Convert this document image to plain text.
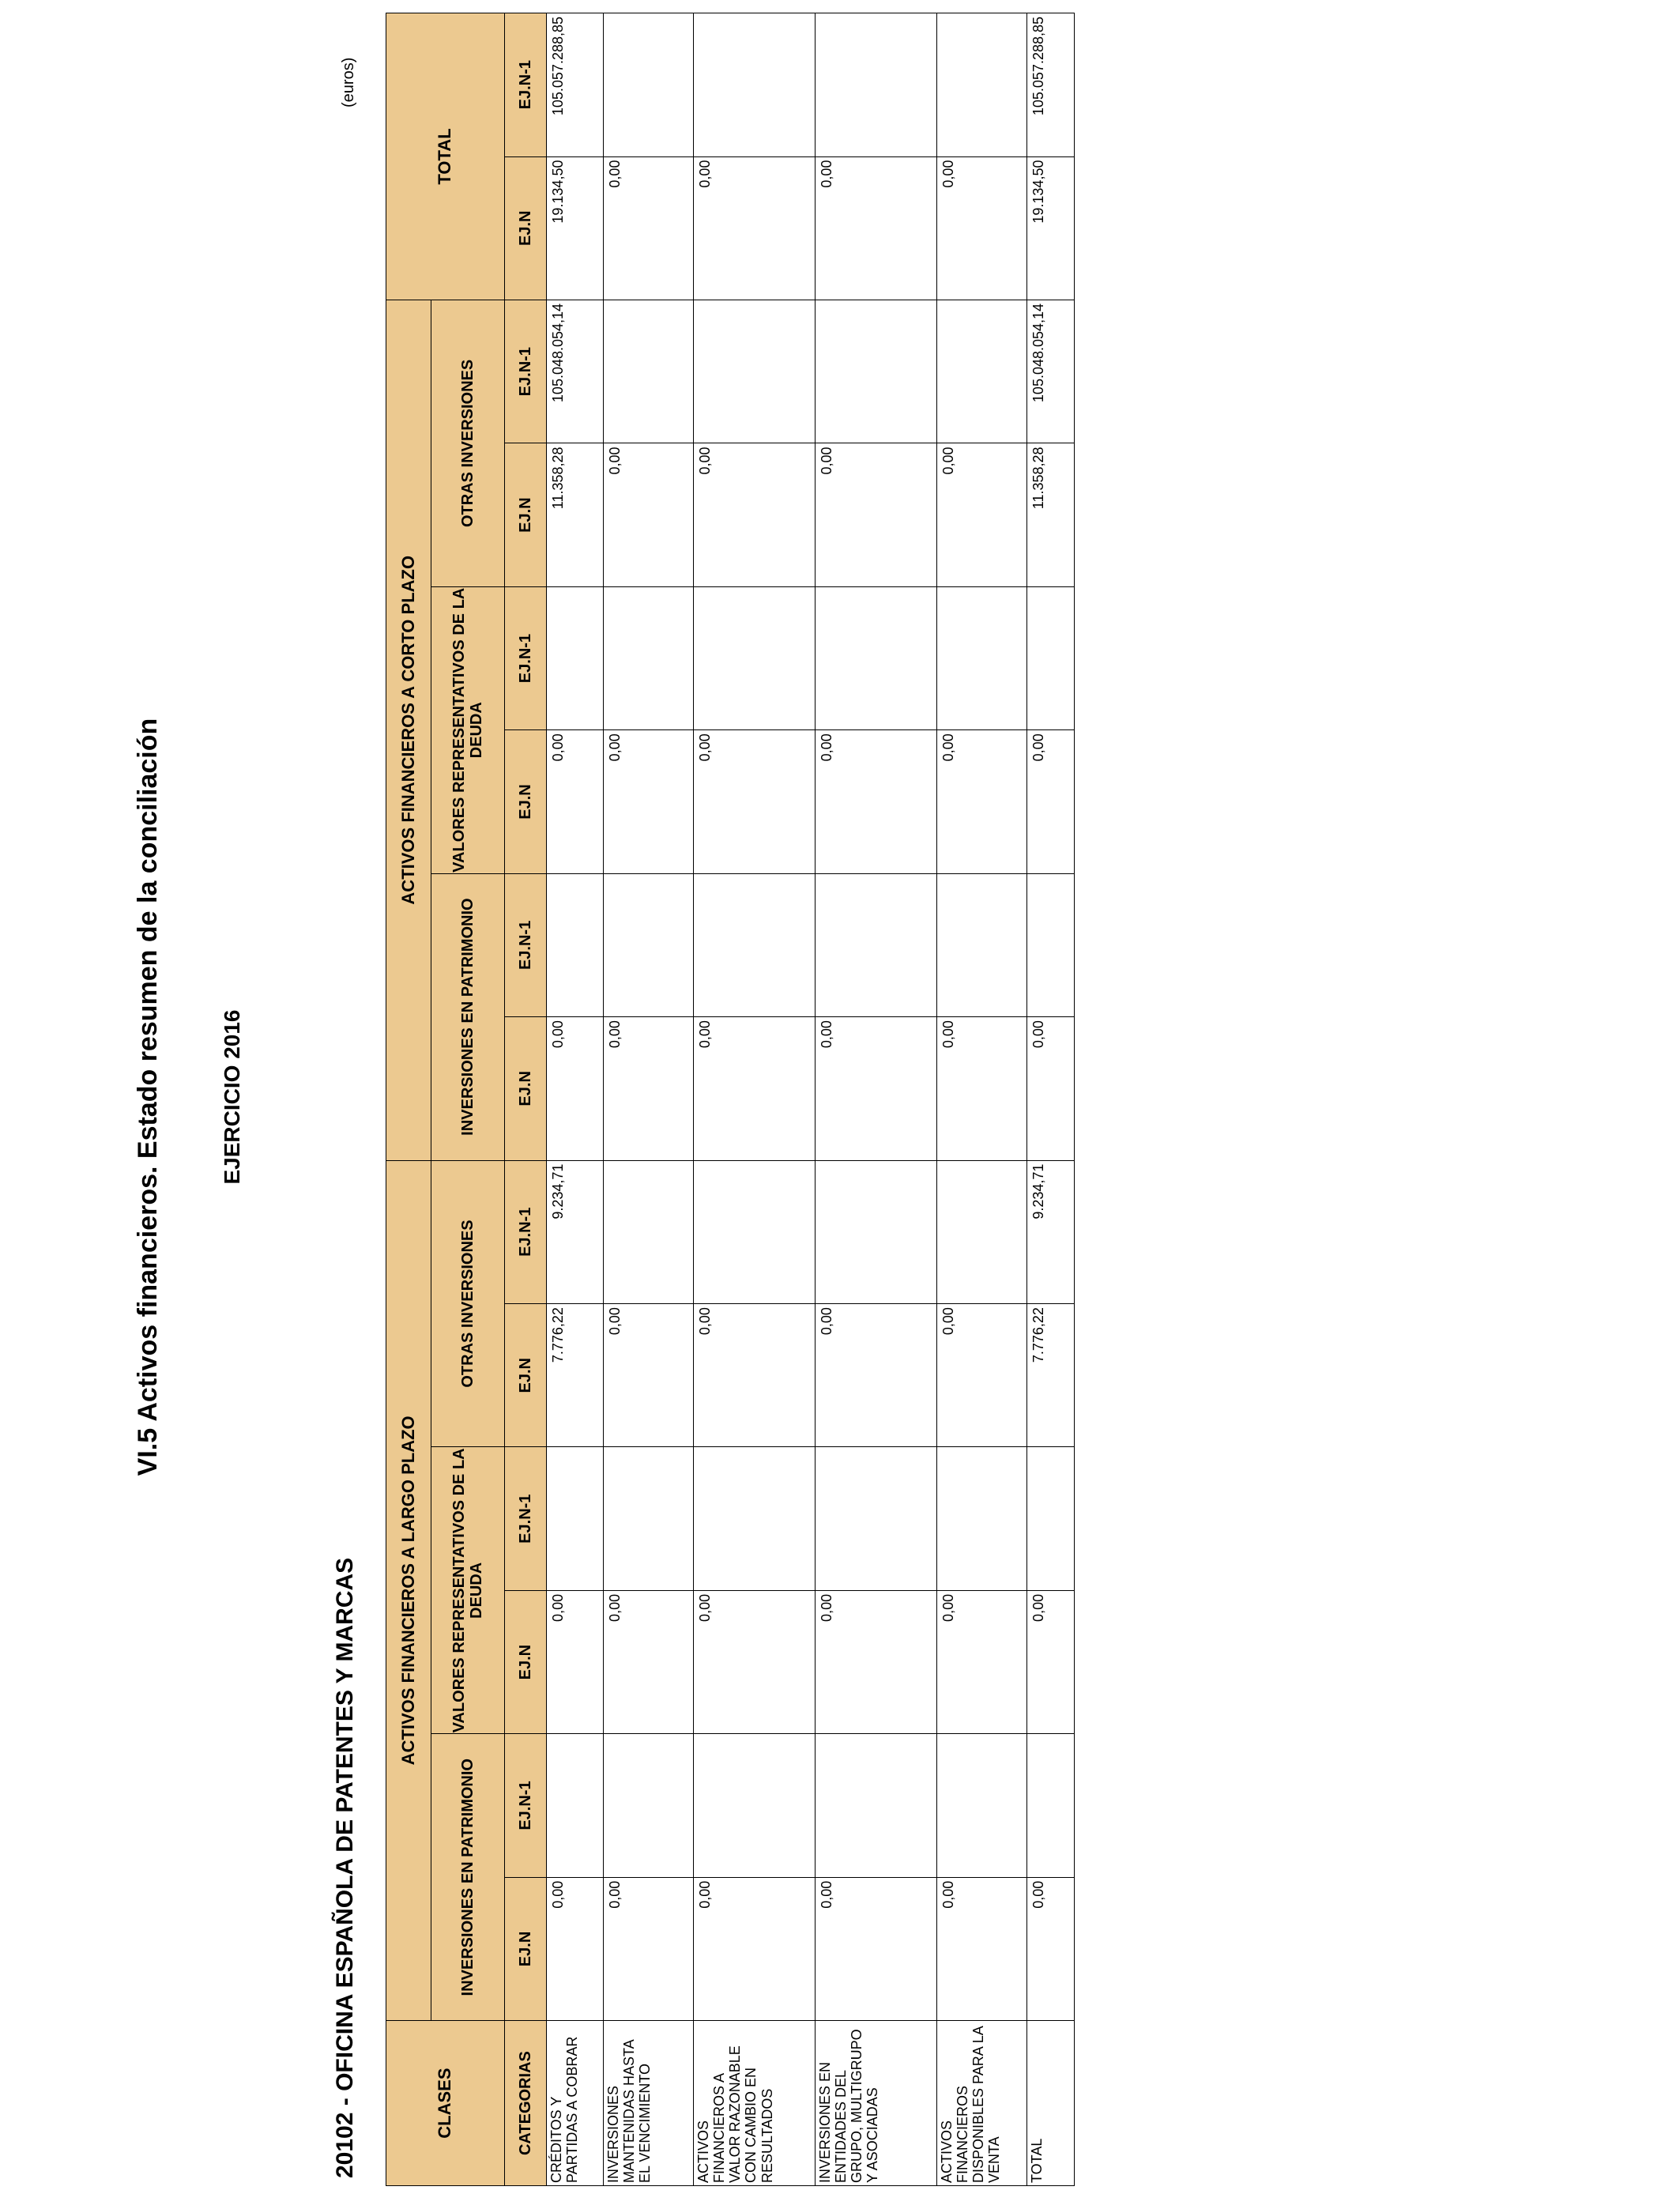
VI.5 Activos financieros. Estado resumen de la conciliación	EJERCICIO 2016
20102 - OFICINA ESPAÑOLA DE PATENTES Y MARCAS
(euros)
CLASES	ACTIVOS FINANCIEROS A LARGO PLAZO						ACTIVOS FINANCIEROS A CORTO PLAZO						TOTAL	
	INVERSIONES EN PATRIMONIO		VALORES REPRESENTATIVOS DE LA DEUDA		OTRAS INVERSIONES		INVERSIONES EN PATRIMONIO		VALORES REPRESENTATIVOS DE LA DEUDA		OTRAS INVERSIONES			
CATEGORIAS	EJ.N	EJ.N-1	EJ.N	EJ.N-1	EJ.N	EJ.N-1	EJ.N	EJ.N-1	EJ.N	EJ.N-1	EJ.N	EJ.N-1	EJ.N	EJ.N-1
CRÉDITOS Y PARTIDAS A COBRAR	0,00		0,00		7.776,22	9.234,71	0,00		0,00		11.358,28	105.048.054,14	19.134,50	105.057.288,85
INVERSIONES MANTENIDAS HASTA EL VENCIMIENTO	0,00		0,00		0,00		0,00		0,00		0,00		0,00	
ACTIVOS FINANCIEROS A VALOR RAZONABLE CON CAMBIO EN RESULTADOS	0,00		0,00		0,00		0,00		0,00		0,00		0,00	
INVERSIONES EN ENTIDADES DEL GRUPO, MULTIGRUPO Y ASOCIADAS	0,00		0,00		0,00		0,00		0,00		0,00		0,00	
ACTIVOS FINANCIEROS DISPONIBLES PARA LA VENTA	0,00		0,00		0,00		0,00		0,00		0,00		0,00	
TOTAL	0,00		0,00		7.776,22	9.234,71	0,00		0,00		11.358,28	105.048.054,14	19.134,50	105.057.288,85
